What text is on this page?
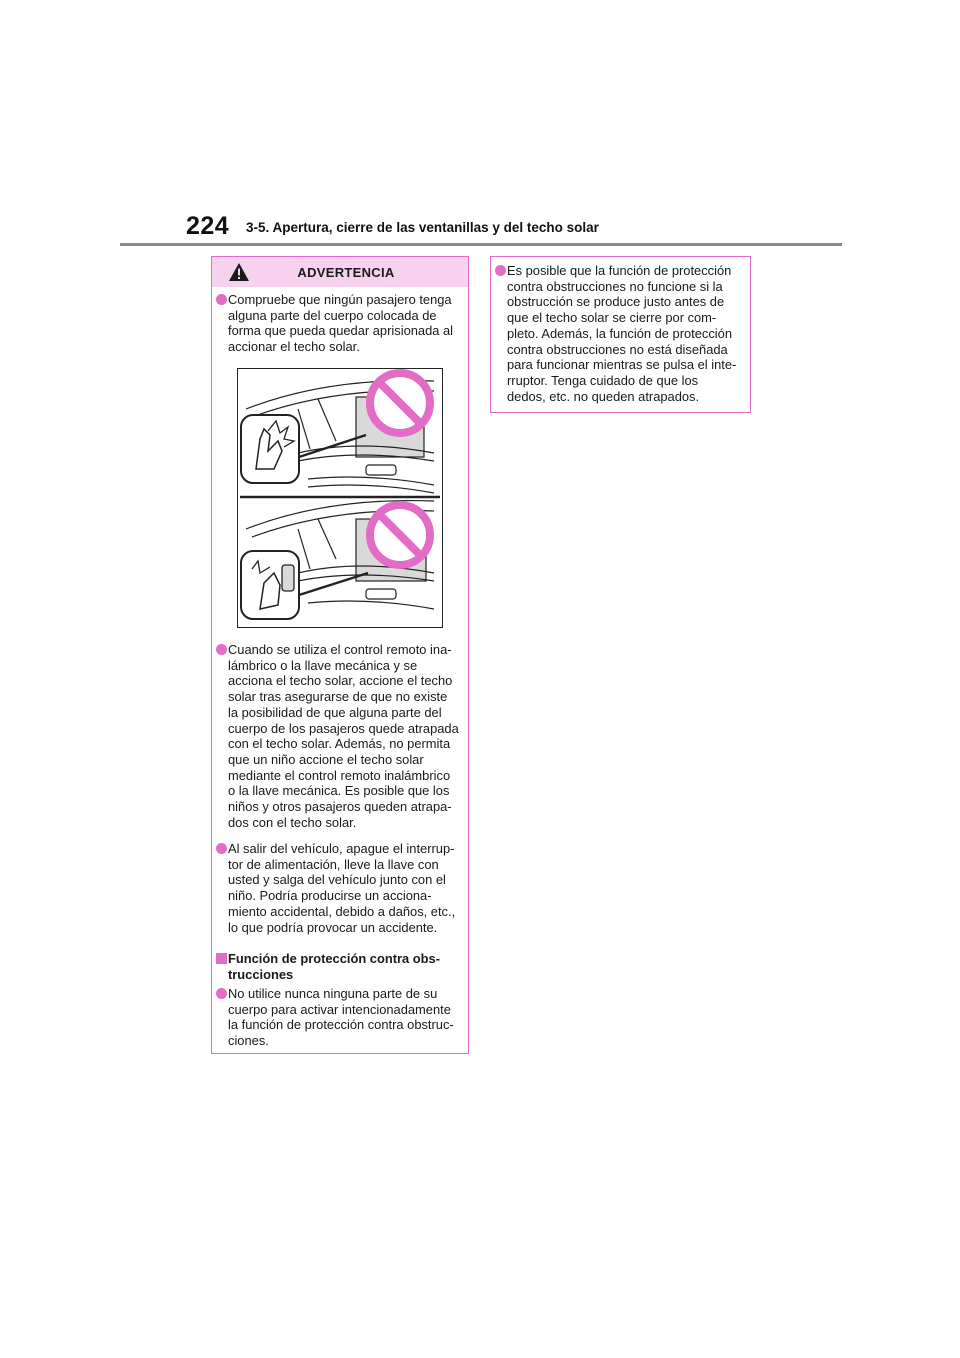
224 3-5. Apertura, cierre de las ventanillas y del techo solar
ADVERTENCIA
Compruebe que ningún pasajero tenga
alguna parte del cuerpo colocada de
forma que pueda quedar aprisionada al
accionar el techo solar.
Cuando se utiliza el control remoto ina-
lámbrico o la llave mecánica y se
acciona el techo solar, accione el techo
solar tras asegurarse de que no existe
la posibilidad de que alguna parte del
cuerpo de los pasajeros quede atrapada
con el techo solar. Además, no permita
que un niño accione el techo solar
mediante el control remoto inalámbrico
o la llave mecánica. Es posible que los
niños y otros pasajeros queden atrapa-
dos con el techo solar.
Al salir del vehículo, apague el interrup-
tor de alimentación, lleve la llave con
usted y salga del vehículo junto con el
niño. Podría producirse un acciona-
miento accidental, debido a daños, etc.,
lo que podría provocar un accidente.
Función de protección contra obs-
trucciones
No utilice nunca ninguna parte de su
cuerpo para activar intencionadamente
la función de protección contra obstruc-
ciones.
Es posible que la función de protección
contra obstrucciones no funcione si la
obstrucción se produce justo antes de
que el techo solar se cierre por com-
pleto. Además, la función de protección
contra obstrucciones no está diseñada
para funcionar mientras se pulsa el inte-
rruptor. Tenga cuidado de que los
dedos, etc. no queden atrapados.
